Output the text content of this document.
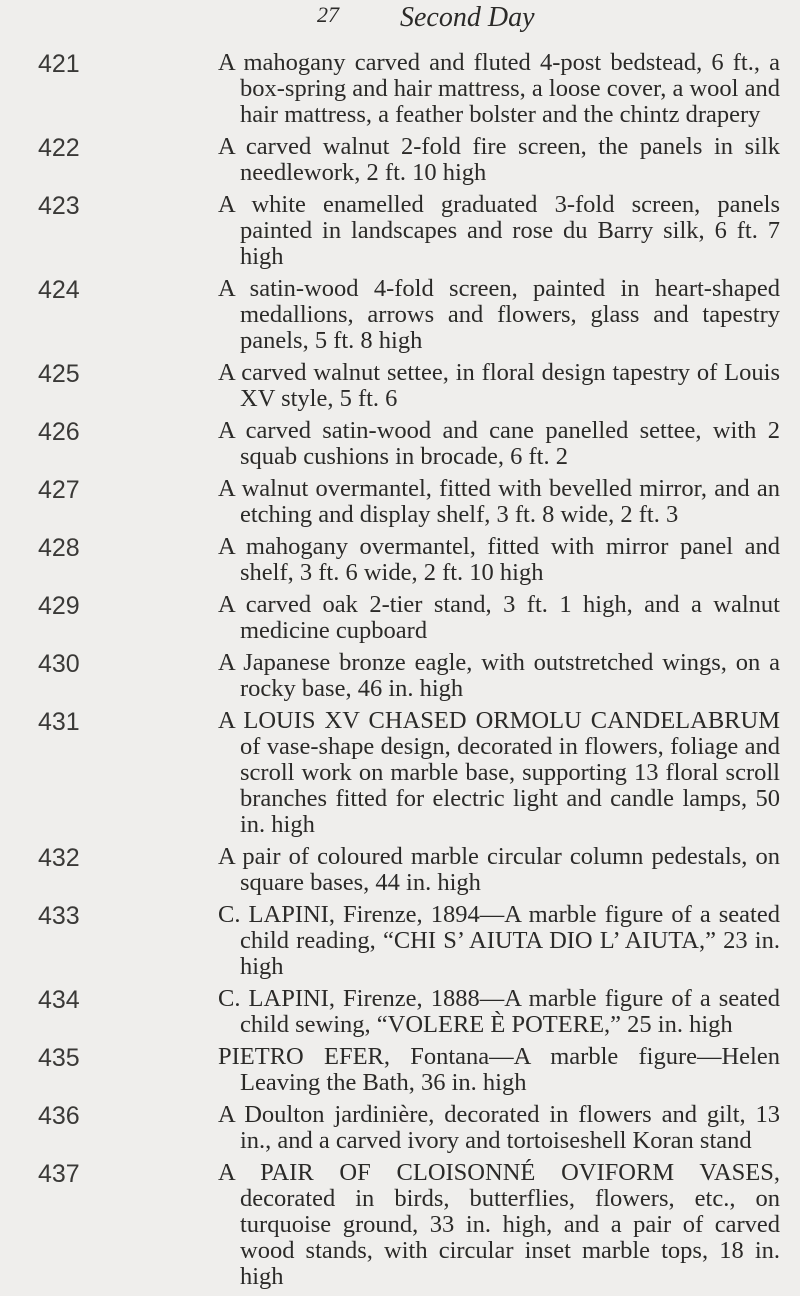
27 Second Day
421	A mahogany carved and fluted 4-post bedstead, 6 ft., a box-spring and hair mattress, a loose cover, a wool and hair mattress, a feather bolster and the chintz drapery
422	A carved walnut 2-fold fire screen, the panels in silk needlework, 2 ft. 10 high
423	A white enamelled graduated 3-fold screen, panels painted in landscapes and rose du Barry silk, 6 ft. 7 high
424	A satin-wood 4-fold screen, painted in heart-shaped medallions, arrows and flowers, glass and tapestry panels, 5 ft. 8 high
425	A carved walnut settee, in floral design tapestry of Louis XV style, 5 ft. 6
426	A carved satin-wood and cane panelled settee, with 2 squab cushions in brocade, 6 ft. 2
427	A walnut overmantel, fitted with bevelled mirror, and an etching and display shelf, 3 ft. 8 wide, 2 ft. 3
428	A mahogany overmantel, fitted with mirror panel and shelf, 3 ft. 6 wide, 2 ft. 10 high
429	A carved oak 2-tier stand, 3 ft. 1 high, and a walnut medicine cupboard
430	A Japanese bronze eagle, with outstretched wings, on a rocky base, 46 in. high
431	A LOUIS XV CHASED ORMOLU CANDELABRUM of vase-shape design, decorated in flowers, foliage and scroll work on marble base, supporting 13 floral scroll branches fitted for electric light and candle lamps, 50 in. high
432	A pair of coloured marble circular column pedestals, on square bases, 44 in. high
433	C. LAPINI, Firenze, 1894—A marble figure of a seated child reading, “CHI S’ AIUTA DIO L’ AIUTA,” 23 in. high
434	C. LAPINI, Firenze, 1888—A marble figure of a seated child sewing, “VOLERE È POTERE,” 25 in. high
435	PIETRO EFER, Fontana—A marble figure—Helen Leaving the Bath, 36 in. high
436	A Doulton jardinière, decorated in flowers and gilt, 13 in., and a carved ivory and tortoiseshell Koran stand
437	A PAIR OF CLOISONNÉ OVIFORM VASES, decorated in birds, butterflies, flowers, etc., on turquoise ground, 33 in. high, and a pair of carved wood stands, with circular inset marble tops, 18 in. high
